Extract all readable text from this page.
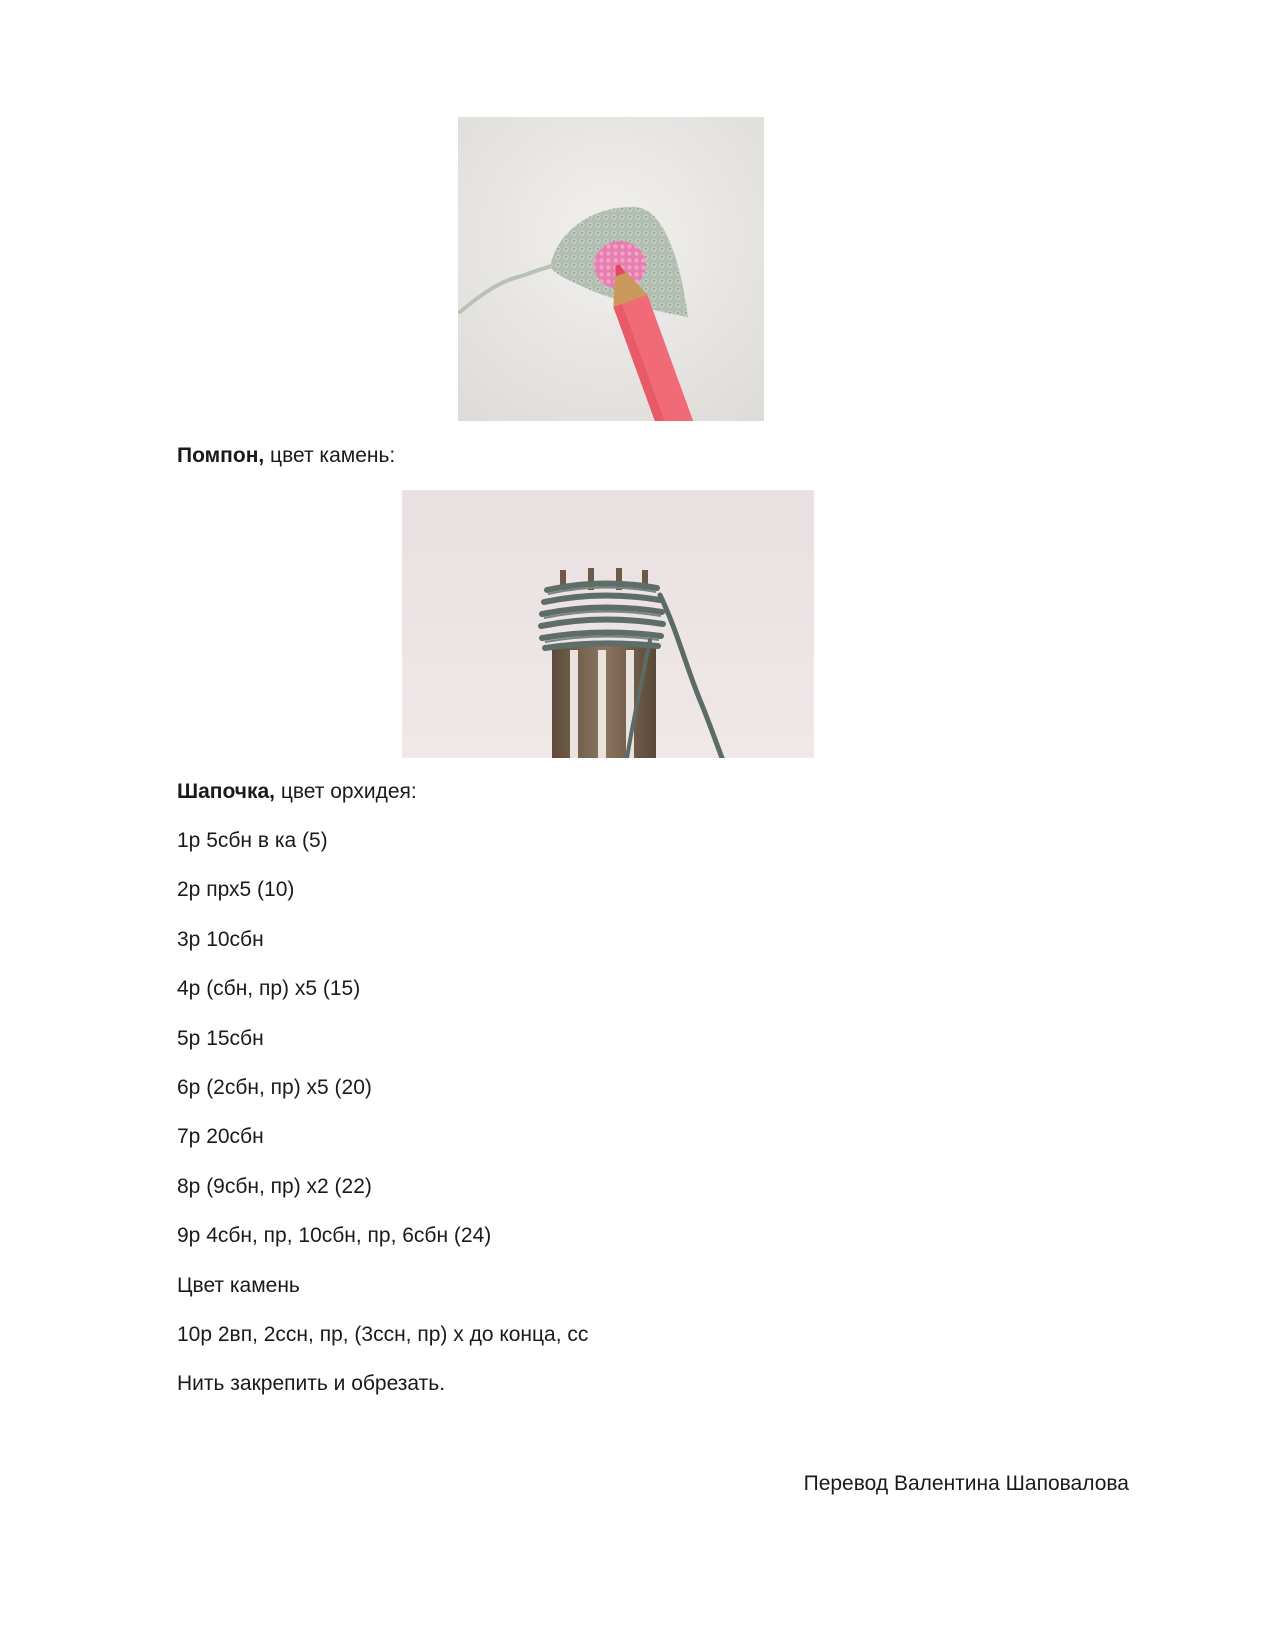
Помпон, цвет камень:
Шапочка, цвет орхидея:
1р 5сбн в ка (5)
2р прх5 (10)
3р 10сбн
4р (сбн, пр) х5 (15)
5р 15сбн
6р (2сбн, пр) х5 (20)
7р 20сбн
8р (9сбн, пр) х2 (22)
9р 4сбн, пр, 10сбн, пр, 6сбн (24)
Цвет камень
10р 2вп, 2ссн, пр, (3ссн, пр) х до конца, сс
Нить закрепить и обрезать.
Перевод Валентина Шаповалова
